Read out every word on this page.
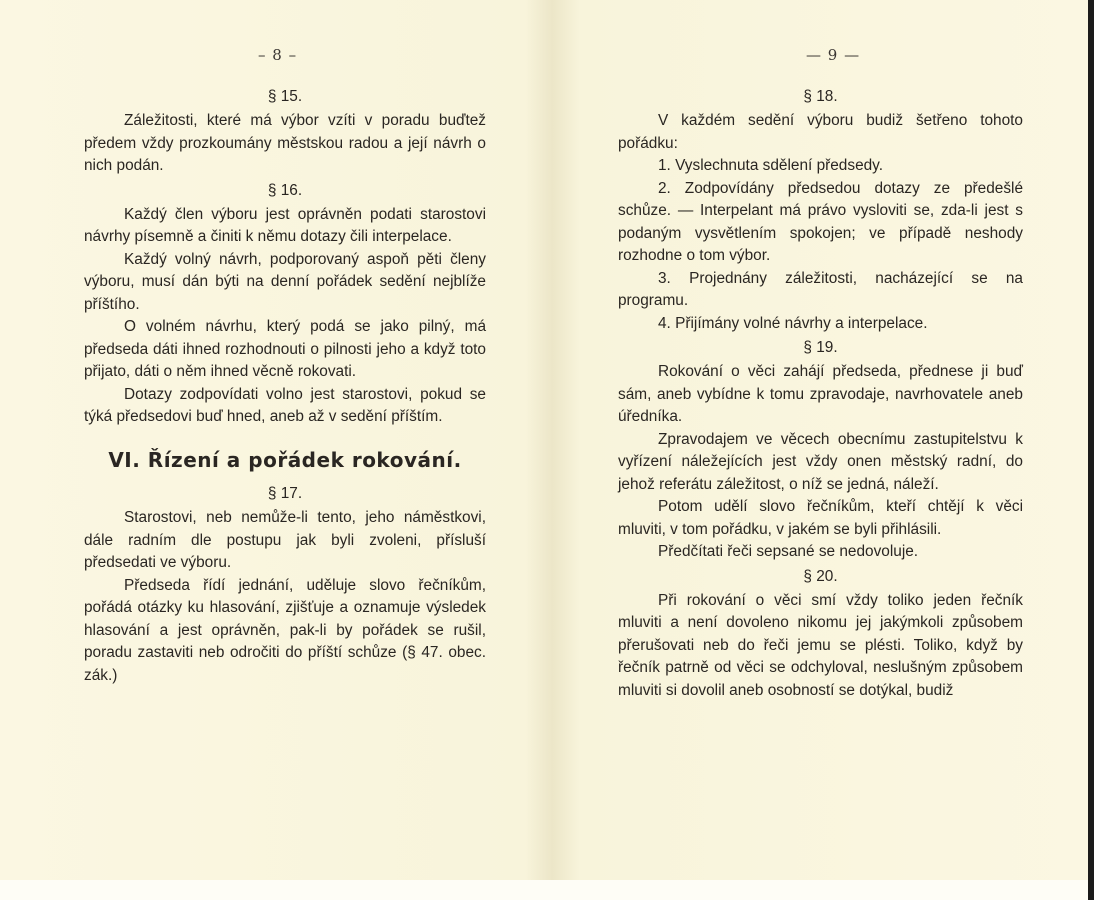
– 8 –

§ 15.

Záležitosti, které má výbor vzíti v poradu buďtež předem vždy prozkoumány městskou radou a její návrh o nich podán.

§ 16.

Každý člen výboru jest oprávněn podati starostovi návrhy písemně a činiti k němu dotazy čili interpelace.

Každý volný návrh, podporovaný aspoň pěti členy výboru, musí dán býti na denní pořádek sedění nejblíže příštího.

O volném návrhu, který podá se jako pilný, má předseda dáti ihned rozhodnouti o pilnosti jeho a když toto přijato, dáti o něm ihned věcně rokovati.

Dotazy zodpovídati volno jest starostovi, pokud se týká předsedovi buď hned, aneb až v sedění příštím.

VI. Řízení a pořádek rokování.

§ 17.

Starostovi, neb nemůže-li tento, jeho náměstkovi, dále radním dle postupu jak byli zvoleni, přísluší předsedati ve výboru.

Předseda řídí jednání, uděluje slovo řečníkům, pořádá otázky ku hlasování, zjišťuje a oznamuje výsledek hlasování a jest oprávněn, pak-li by pořádek se rušil, poradu zastaviti neb odročiti do příští schůze (§ 47. obec. zák.)

— 9 —

§ 18.

V každém sedění výboru budiž šetřeno tohoto pořádku:

1. Vyslechnuta sdělení předsedy.

2. Zodpovídány předsedou dotazy ze předešlé schůze. — Interpelant má právo vysloviti se, zda-li jest s podaným vysvětlením spokojen; ve případě neshody rozhodne o tom výbor.

3. Projednány záležitosti, nacházející se na programu.

4. Přijímány volné návrhy a interpelace.

§ 19.

Rokování o věci zahájí předseda, přednese ji buď sám, aneb vybídne k tomu zpravodaje, navrhovatele aneb úředníka.

Zpravodajem ve věcech obecnímu zastupitelstvu k vyřízení náležejících jest vždy onen městský radní, do jehož referátu záležitost, o níž se jedná, náleží.

Potom udělí slovo řečníkům, kteří chtějí k věci mluviti, v tom pořádku, v jakém se byli přihlásili.

Předčítati řeči sepsané se nedovoluje.

§ 20.

Při rokování o věci smí vždy toliko jeden řečník mluviti a není dovoleno nikomu jej jakýmkoli způsobem přerušovati neb do řeči jemu se plésti. Toliko, když by řečník patrně od věci se odchyloval, neslušným způsobem mluviti si dovolil aneb osobností se dotýkal, budiž
